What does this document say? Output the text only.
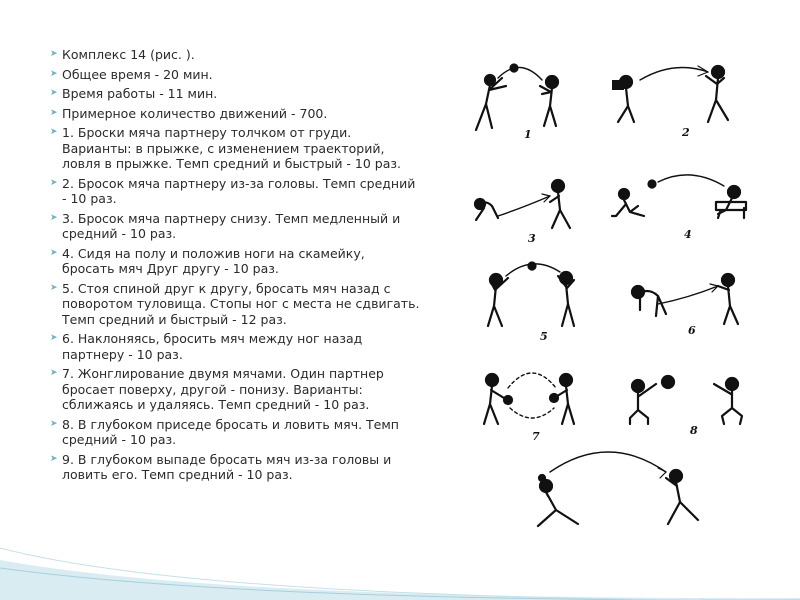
➤ Комплекс 14 (рис. ).
➤ Общее время - 20 мин.
➤ Время работы - 11 мин.
➤ Примерное количество движений - 700.
➤ 1. Броски мяча партнеру толчком от груди. Варианты: в прыжке, с изменением траекторий, ловля в прыжке. Темп средний и быстрый - 10 раз.
➤ 2. Бросок мяча партнеру из-за головы. Темп средний - 10 раз.
➤ 3. Бросок мяча партнеру снизу. Темп медленный и средний - 10 раз.
➤ 4. Сидя на полу и положив ноги на скамейку, бросать мяч Друг другу - 10 раз.
➤ 5. Стоя спиной друг к другу, бросать мяч назад с поворотом туловища. Стопы ног с места не сдвигать. Темп средний и быстрый - 12 раз.
➤ 6. Наклоняясь, бросить мяч между ног назад партнеру - 10 раз.
➤ 7. Жонглирование двумя мячами. Один партнер бросает поверху, другой - понизу. Варианты: сближаясь и удаляясь. Темп средний - 10 раз.
➤ 8. В глубоком приседе бросать и ловить мяч. Темп средний - 10 раз.
➤ 9. В глубоком выпаде бросать мяч из-за головы и ловить его. Темп средний - 10 раз.
1	2
3	4
5	6
7	8
